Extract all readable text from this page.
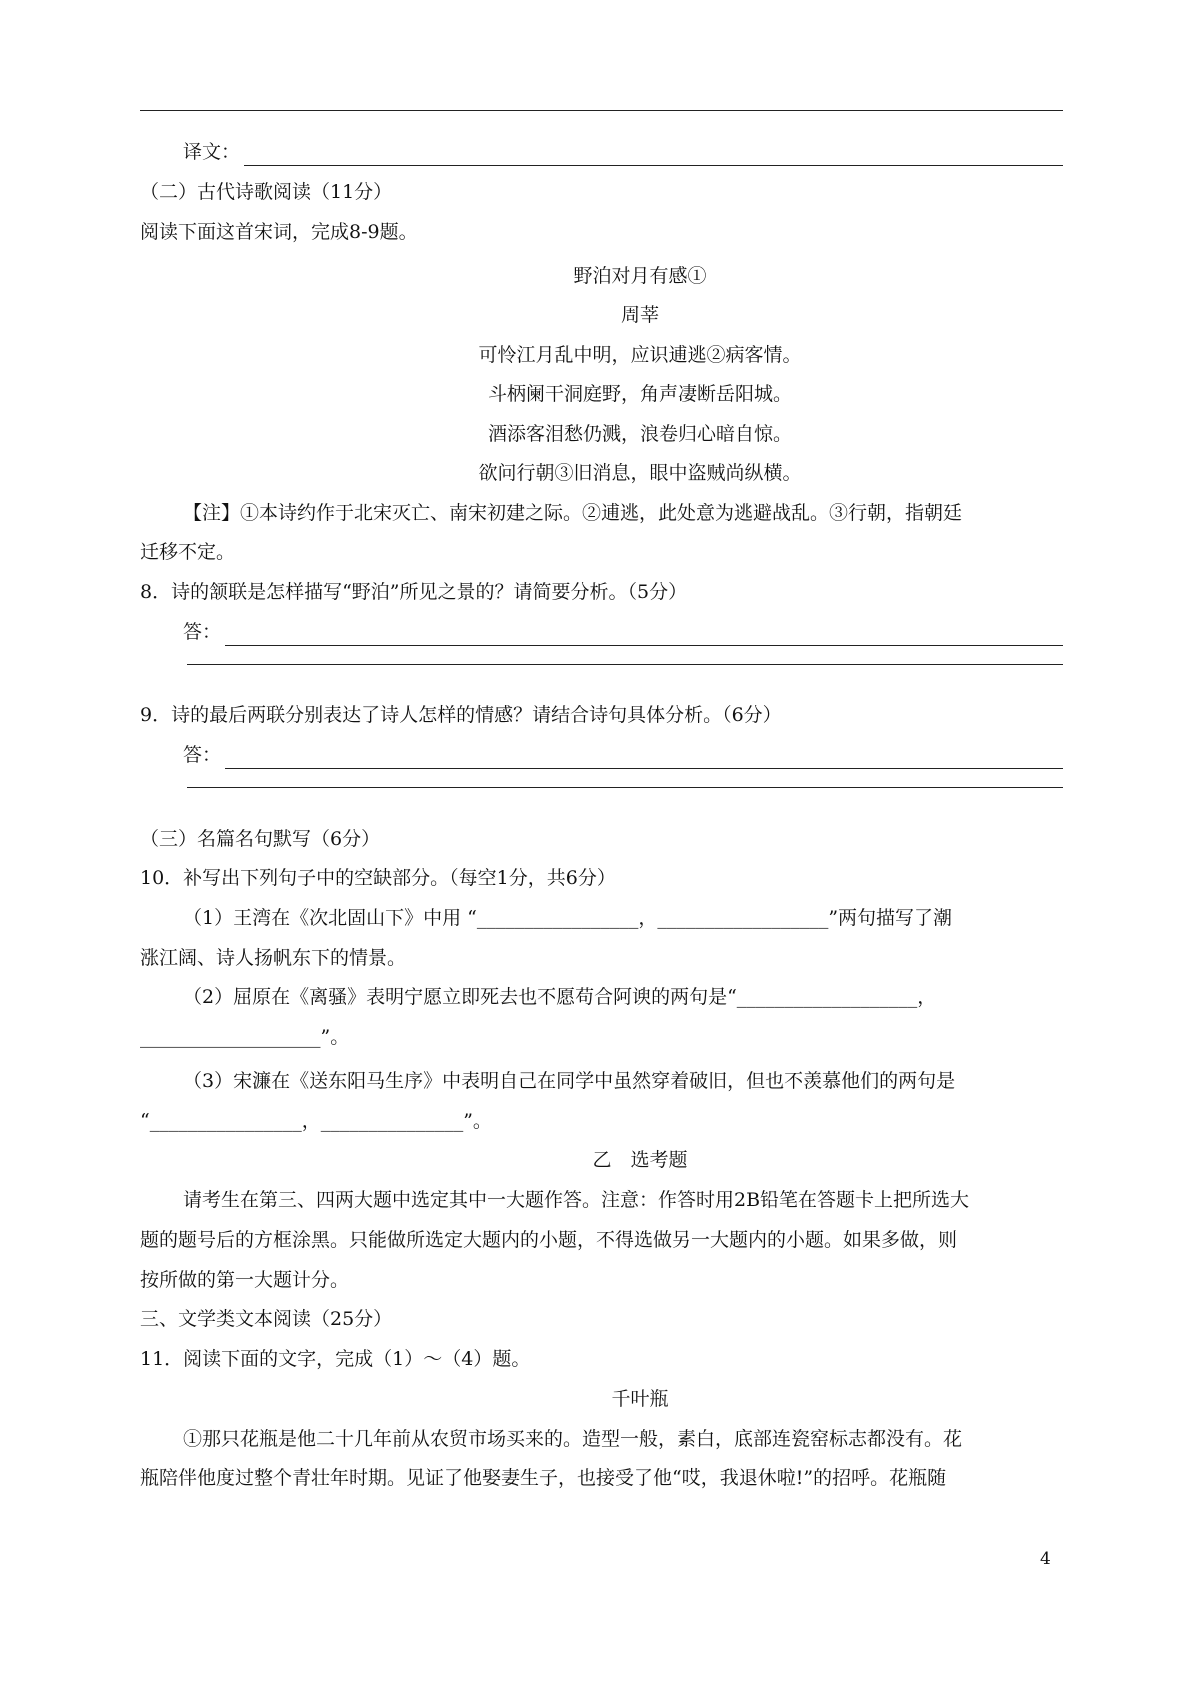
译文：
（二）古代诗歌阅读（11分）
阅读下面这首宋词，完成8-9题。
野泊对月有感①
周莘
可怜江月乱中明，应识逋逃②病客情。
斗柄阑干洞庭野，角声凄断岳阳城。
酒添客泪愁仍溅，浪卷归心暗自惊。
欲问行朝③旧消息，眼中盗贼尚纵横。
【注】①本诗约作于北宋灭亡、南宋初建之际。②逋逃，此处意为逃避战乱。③行朝，指朝廷
迁移不定。
8．诗的颔联是怎样描写“野泊”所见之景的？请简要分析。（5分）
答：
9．诗的最后两联分别表达了诗人怎样的情感？请结合诗句具体分析。（6分）
答：
（三）名篇名句默写（6分）
10．补写出下列句子中的空缺部分。（每空1分，共6分）
（1）王湾在《次北固山下》中用 “_________________，__________________”两句描写了潮
涨江阔、诗人扬帆东下的情景。
（2）屈原在《离骚》表明宁愿立即死去也不愿苟合阿谀的两句是“___________________，
___________________”。
（3）宋濂在《送东阳马生序》中表明自己在同学中虽然穿着破旧，但也不羡慕他们的两句是
“________________，_______________”。
乙　选考题
请考生在第三、四两大题中选定其中一大题作答。注意：作答时用2B铅笔在答题卡上把所选大
题的题号后的方框涂黑。只能做所选定大题内的小题，不得选做另一大题内的小题。如果多做，则
按所做的第一大题计分。
三、文学类文本阅读（25分）
11．阅读下面的文字，完成（1）～（4）题。
千叶瓶
①那只花瓶是他二十几年前从农贸市场买来的。造型一般，素白，底部连瓷窑标志都没有。花
瓶陪伴他度过整个青壮年时期。见证了他娶妻生子，也接受了他“哎，我退休啦!”的招呼。花瓶随
4
